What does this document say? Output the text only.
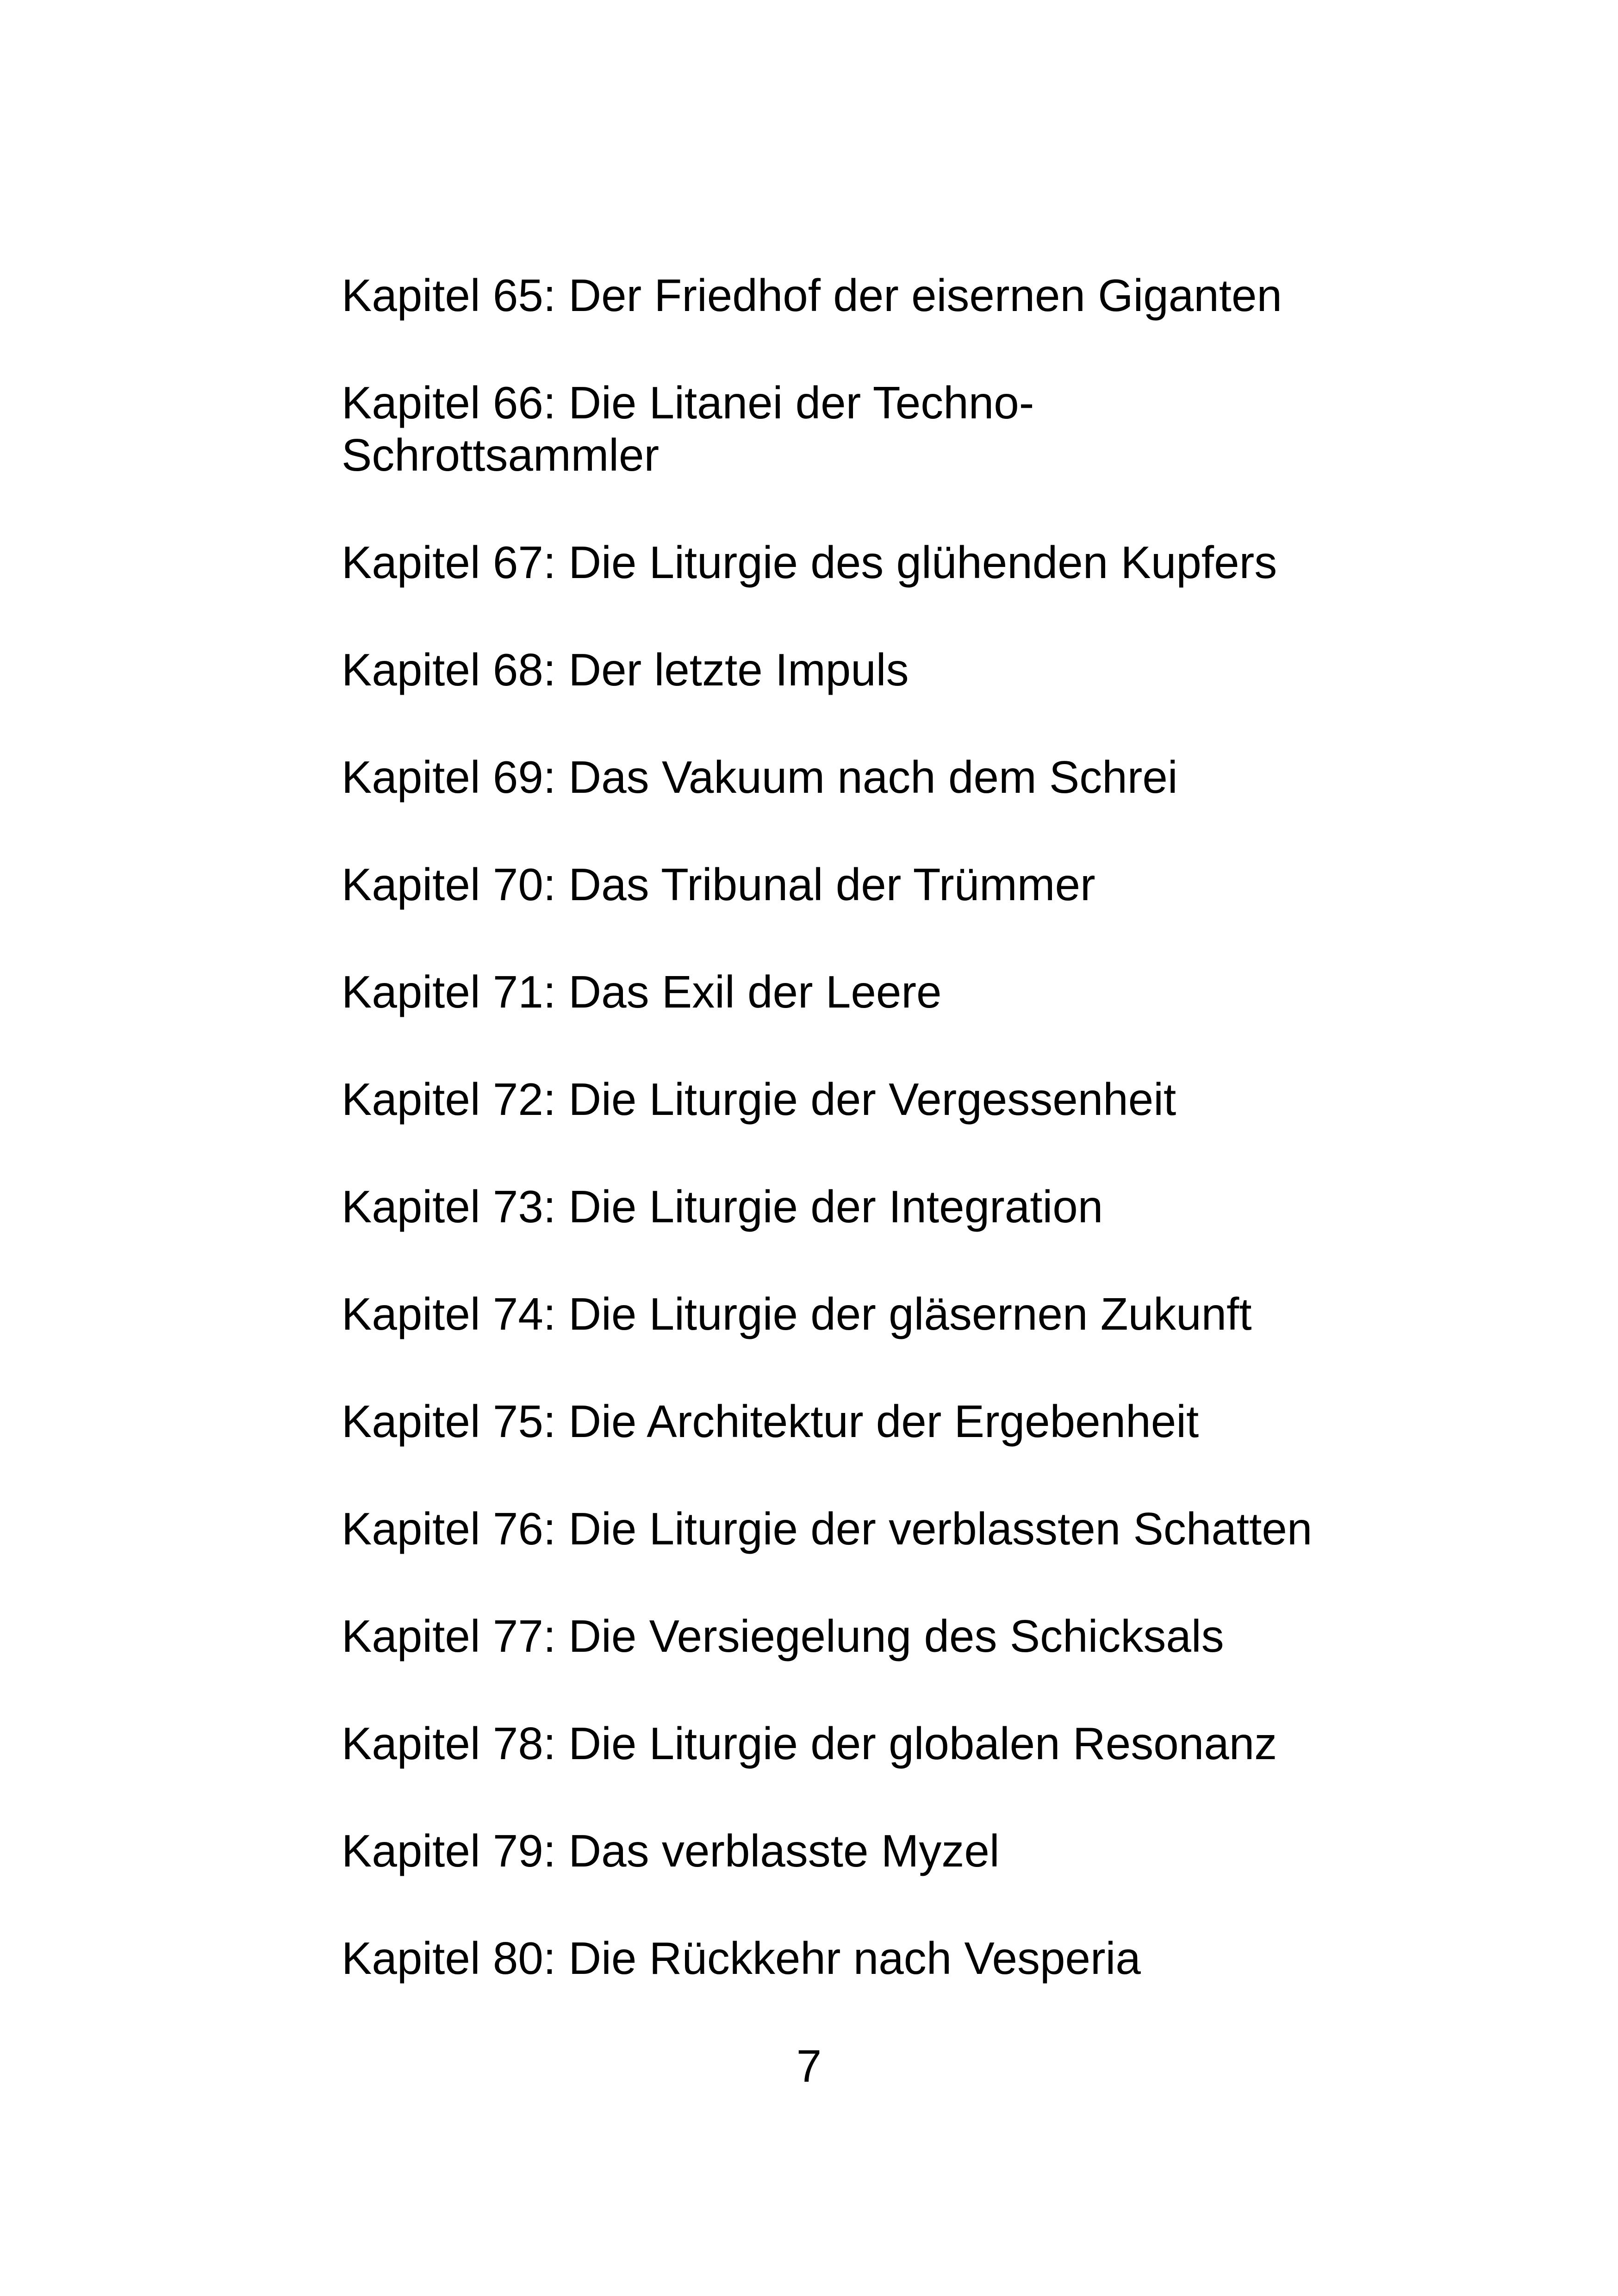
Kapitel 65: Der Friedhof der eisernen Giganten
Kapitel 66: Die Litanei der Techno-Schrottsammler
Kapitel 67: Die Liturgie des glühenden Kupfers
Kapitel 68: Der letzte Impuls
Kapitel 69: Das Vakuum nach dem Schrei
Kapitel 70: Das Tribunal der Trümmer
Kapitel 71: Das Exil der Leere
Kapitel 72: Die Liturgie der Vergessenheit
Kapitel 73: Die Liturgie der Integration
Kapitel 74: Die Liturgie der gläsernen Zukunft
Kapitel 75: Die Architektur der Ergebenheit
Kapitel 76: Die Liturgie der verblassten Schatten
Kapitel 77: Die Versiegelung des Schicksals
Kapitel 78: Die Liturgie der globalen Resonanz
Kapitel 79: Das verblasste Myzel
Kapitel 80: Die Rückkehr nach Vesperia
7
